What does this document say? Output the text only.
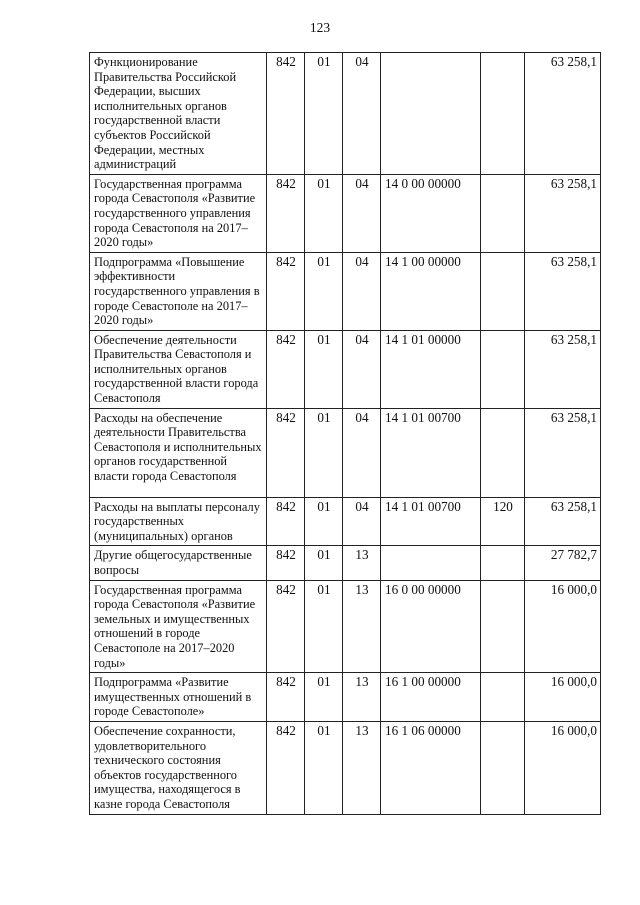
123
Функционирование Правительства Российской Федерации, высших исполнительных органов государственной власти субъектов Российской Федерации, местных администраций	842	01	04			63 258,1
Государственная программа города Севастополя «Развитие государственного управления города Севастополя на 2017–2020 годы»	842	01	04	14 0 00 00000		63 258,1
Подпрограмма «Повышение эффективности государственного управления в городе Севастополе на 2017–2020 годы»	842	01	04	14 1 00 00000		63 258,1
Обеспечение деятельности Правительства Севастополя и исполнительных органов государственной власти города Севастополя	842	01	04	14 1 01 00000		63 258,1
Расходы на обеспечение деятельности Правительства Севастополя и исполнительных органов государственной власти города Севастополя	842	01	04	14 1 01 00700		63 258,1
Расходы на выплаты персоналу государственных (муниципальных) органов	842	01	04	14 1 01 00700	120	63 258,1
Другие общегосударственные вопросы	842	01	13			27 782,7
Государственная программа города Севастополя «Развитие земельных и имущественных отношений в городе Севастополе на 2017–2020 годы»	842	01	13	16 0 00 00000		16 000,0
Подпрограмма «Развитие имущественных отношений в городе Севастополе»	842	01	13	16 1 00 00000		16 000,0
Обеспечение сохранности, удовлетворительного технического состояния объектов государственного имущества, находящегося в казне города Севастополя	842	01	13	16 1 06 00000		16 000,0
